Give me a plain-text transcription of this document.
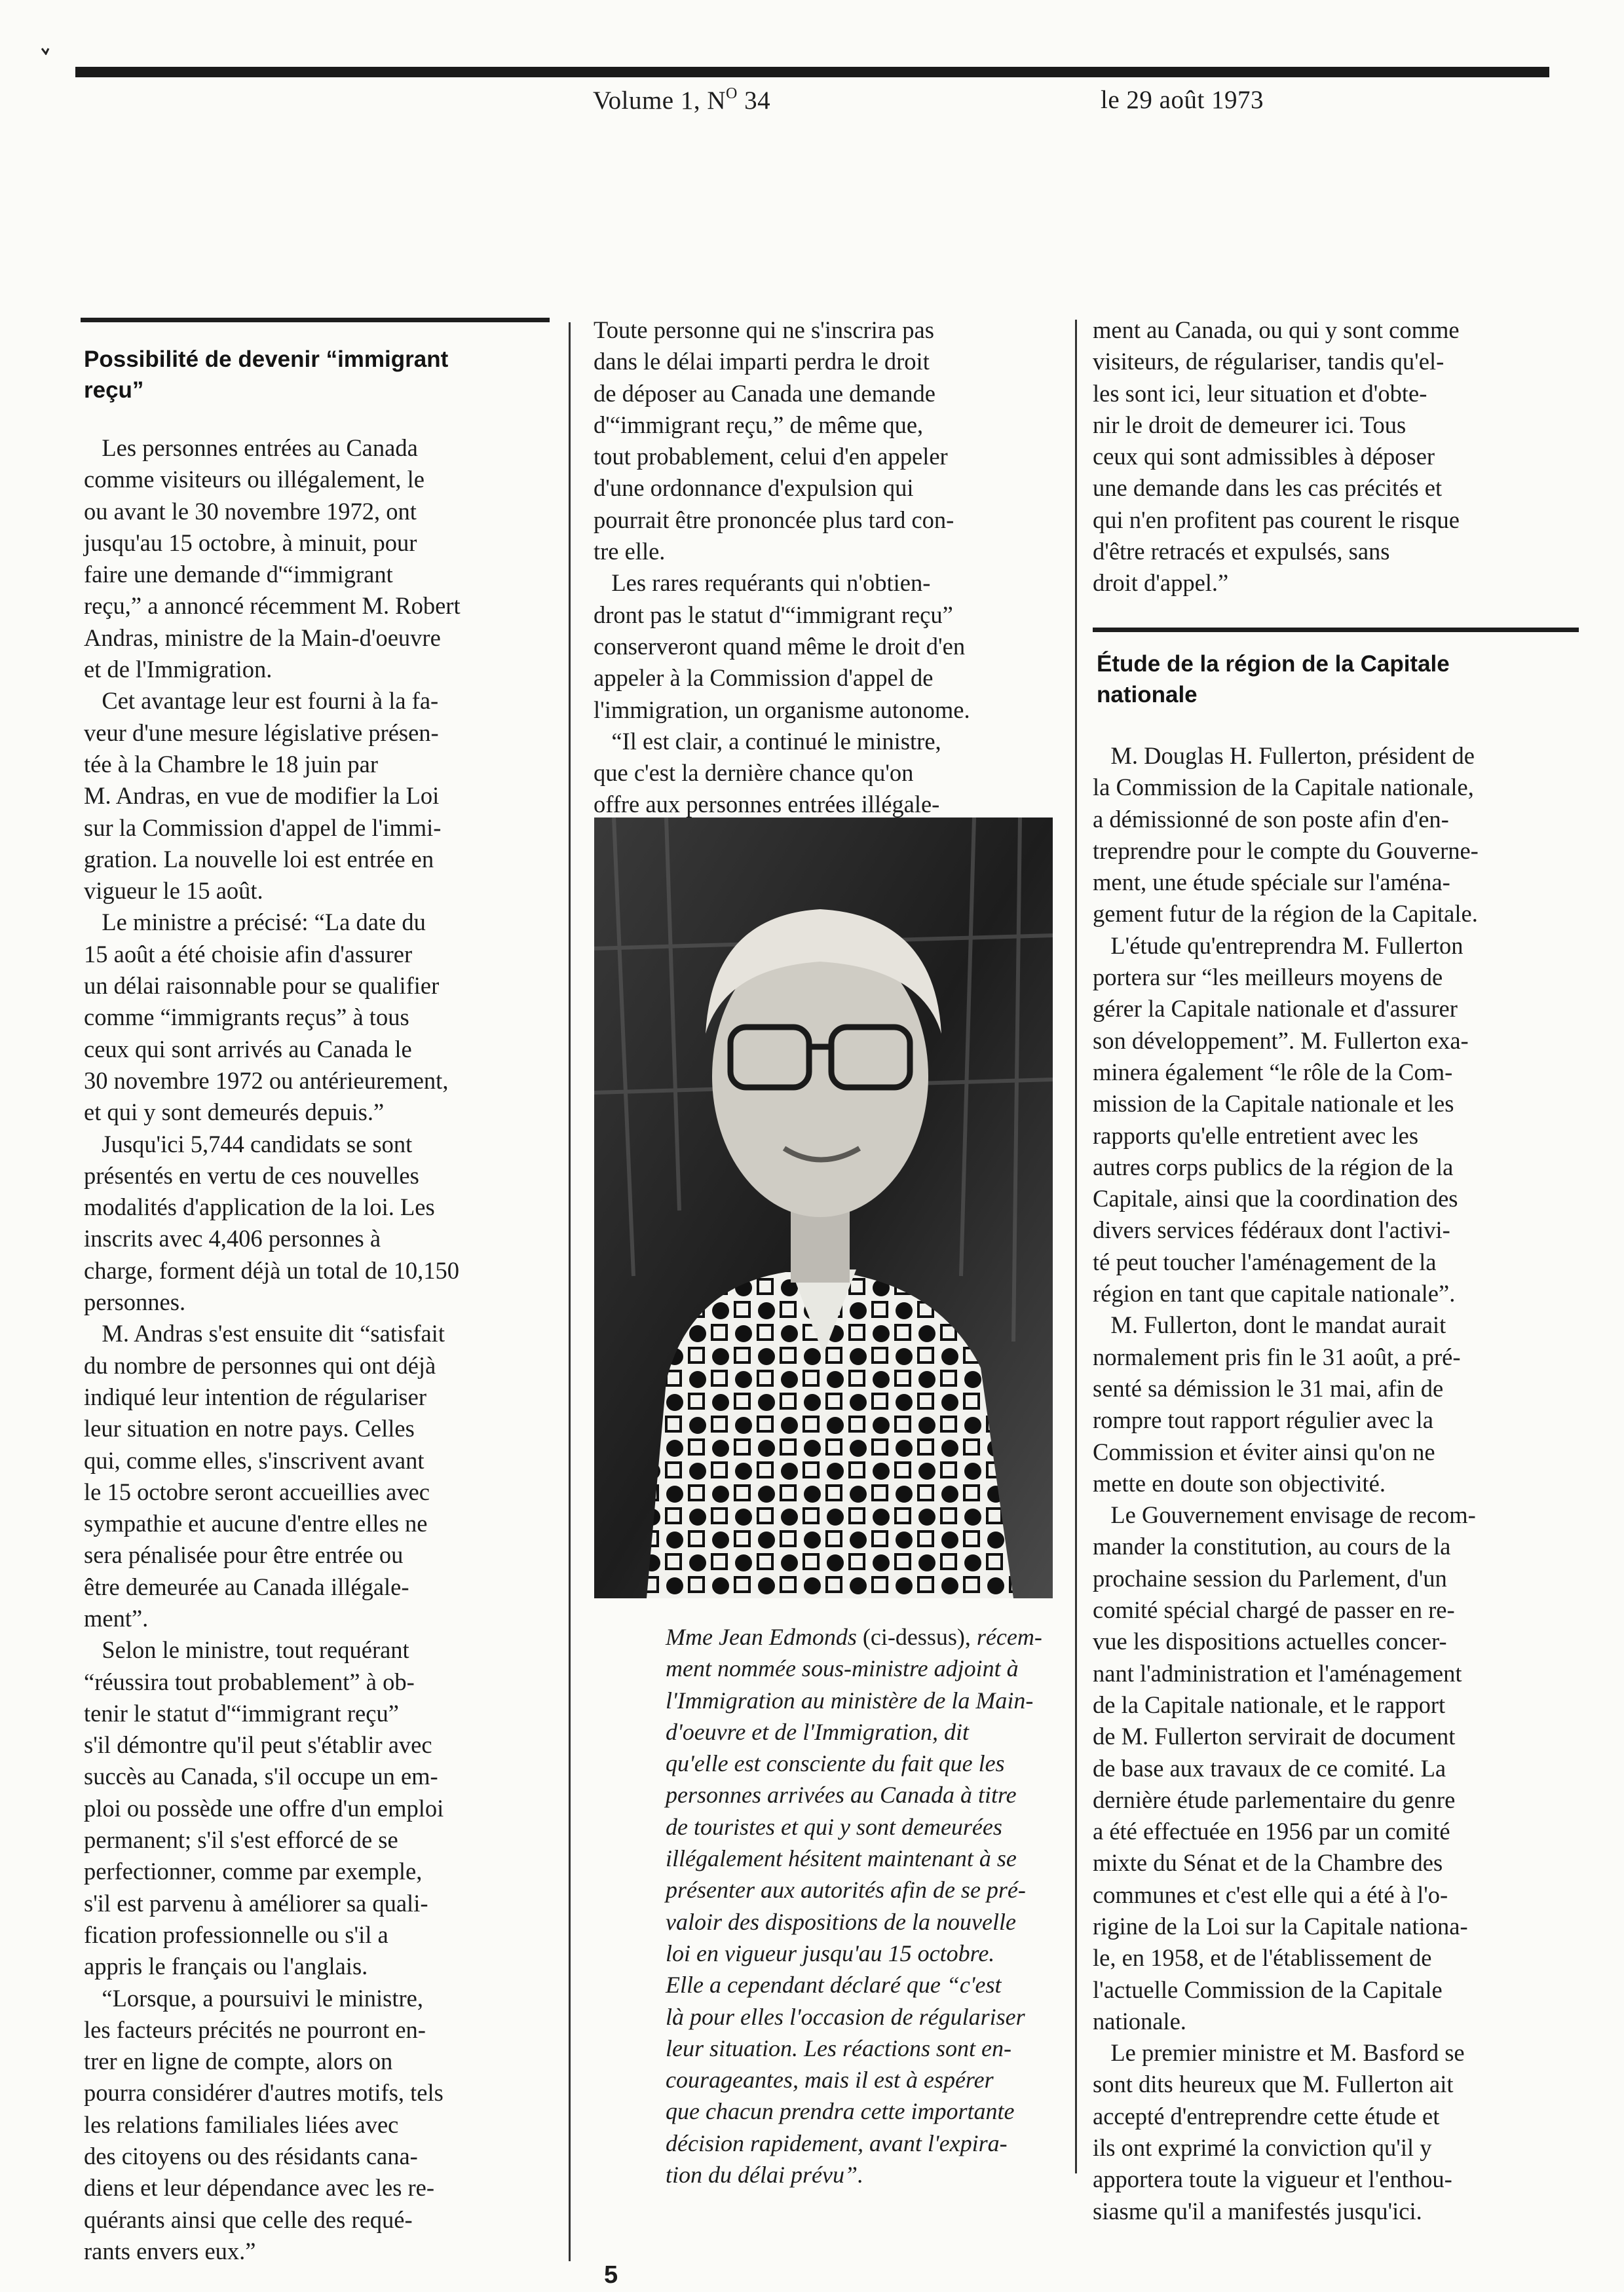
Volume 1, $N^O$ 34	le 29 août 1973
Possibilité de devenir “immigrant
reçu”

Les personnes entrées au Canada

comme visiteurs ou illégalement, le

ou avant le 30 novembre 1972, ont

jusqu'au 15 octobre, à minuit, pour

faire une demande d'“immigrant

reçu,” a annoncé récemment M. Robert

Andras, ministre de la Main-d'oeuvre

et de l'Immigration.

Cet avantage leur est fourni à la fa-

veur d'une mesure législative présen-

tée à la Chambre le 18 juin par

M. Andras, en vue de modifier la Loi

sur la Commission d'appel de l'immi-

gration. La nouvelle loi est entrée en

vigueur le 15 août.

Le ministre a précisé: “La date du

15 août a été choisie afin d'assurer

un délai raisonnable pour se qualifier

comme “immigrants reçus” à tous

ceux qui sont arrivés au Canada le

30 novembre 1972 ou antérieurement,

et qui y sont demeurés depuis.”

Jusqu'ici 5,744 candidats se sont

présentés en vertu de ces nouvelles

modalités d'application de la loi. Les

inscrits avec 4,406 personnes à

charge, forment déjà un total de 10,150

personnes.

M. Andras s'est ensuite dit “satisfait

du nombre de personnes qui ont déjà

indiqué leur intention de régulariser

leur situation en notre pays. Celles

qui, comme elles, s'inscrivent avant

le 15 octobre seront accueillies avec

sympathie et aucune d'entre elles ne

sera pénalisée pour être entrée ou

être demeurée au Canada illégale-

ment”.

Selon le ministre, tout requérant

“réussira tout probablement” à ob-

tenir le statut d'“immigrant reçu”

s'il démontre qu'il peut s'établir avec

succès au Canada, s'il occupe un em-

ploi ou possède une offre d'un emploi

permanent; s'il s'est efforcé de se

perfectionner, comme par exemple,

s'il est parvenu à améliorer sa quali-

fication professionnelle ou s'il a

appris le français ou l'anglais.

“Lorsque, a poursuivi le ministre,

les facteurs précités ne pourront en-

trer en ligne de compte, alors on

pourra considérer d'autres motifs, tels

les relations familiales liées avec

des citoyens ou des résidants cana-

diens et leur dépendance avec les re-

quérants ainsi que celle des requé-

rants envers eux.”

Toute personne qui ne s'inscrira pas

dans le délai imparti perdra le droit

de déposer au Canada une demande

d'“immigrant reçu,” de même que,

tout probablement, celui d'en appeler

d'une ordonnance d'expulsion qui

pourrait être prononcée plus tard con-

tre elle.

Les rares requérants qui n'obtien-

dront pas le statut d'“immigrant reçu”

conserveront quand même le droit d'en

appeler à la Commission d'appel de

l'immigration, un organisme autonome.

“Il est clair, a continué le ministre,

que c'est la dernière chance qu'on

offre aux personnes entrées illégale-

Mme Jean Edmonds (ci-dessus), récem-

ment nommée sous-ministre adjoint à

l'Immigration au ministère de la Main-

d'oeuvre et de l'Immigration, dit

qu'elle est consciente du fait que les

personnes arrivées au Canada à titre

de touristes et qui y sont demeurées

illégalement hésitent maintenant à se

présenter aux autorités afin de se pré-

valoir des dispositions de la nouvelle

loi en vigueur jusqu'au 15 octobre.

Elle a cependant déclaré que “c'est

là pour elles l'occasion de régulariser

leur situation. Les réactions sont en-

courageantes, mais il est à espérer

que chacun prendra cette importante

décision rapidement, avant l'expira-

tion du délai prévu”.

ment au Canada, ou qui y sont comme

visiteurs, de régulariser, tandis qu'el-

les sont ici, leur situation et d'obte-

nir le droit de demeurer ici. Tous

ceux qui sont admissibles à déposer

une demande dans les cas précités et

qui n'en profitent pas courent le risque

d'être retracés et expulsés, sans

droit d'appel.”

Étude de la région de la Capitale
nationale

M. Douglas H. Fullerton, président de

la Commission de la Capitale nationale,

a démissionné de son poste afin d'en-

treprendre pour le compte du Gouverne-

ment, une étude spéciale sur l'aména-

gement futur de la région de la Capitale.

L'étude qu'entreprendra M. Fullerton

portera sur “les meilleurs moyens de

gérer la Capitale nationale et d'assurer

son développement”. M. Fullerton exa-

minera également “le rôle de la Com-

mission de la Capitale nationale et les

rapports qu'elle entretient avec les

autres corps publics de la région de la

Capitale, ainsi que la coordination des

divers services fédéraux dont l'activi-

té peut toucher l'aménagement de la

région en tant que capitale nationale”.

M. Fullerton, dont le mandat aurait

normalement pris fin le 31 août, a pré-

senté sa démission le 31 mai, afin de

rompre tout rapport régulier avec la

Commission et éviter ainsi qu'on ne

mette en doute son objectivité.

Le Gouvernement envisage de recom-

mander la constitution, au cours de la

prochaine session du Parlement, d'un

comité spécial chargé de passer en re-

vue les dispositions actuelles concer-

nant l'administration et l'aménagement

de la Capitale nationale, et le rapport

de M. Fullerton servirait de document

de base aux travaux de ce comité. La

dernière étude parlementaire du genre

a été effectuée en 1956 par un comité

mixte du Sénat et de la Chambre des

communes et c'est elle qui a été à l'o-

rigine de la Loi sur la Capitale nationa-

le, en 1958, et de l'établissement de

l'actuelle Commission de la Capitale

nationale.

Le premier ministre et M. Basford se

sont dits heureux que M. Fullerton ait

accepté d'entreprendre cette étude et

ils ont exprimé la conviction qu'il y

apportera toute la vigueur et l'enthou-

siasme qu'il a manifestés jusqu'ici.

5
